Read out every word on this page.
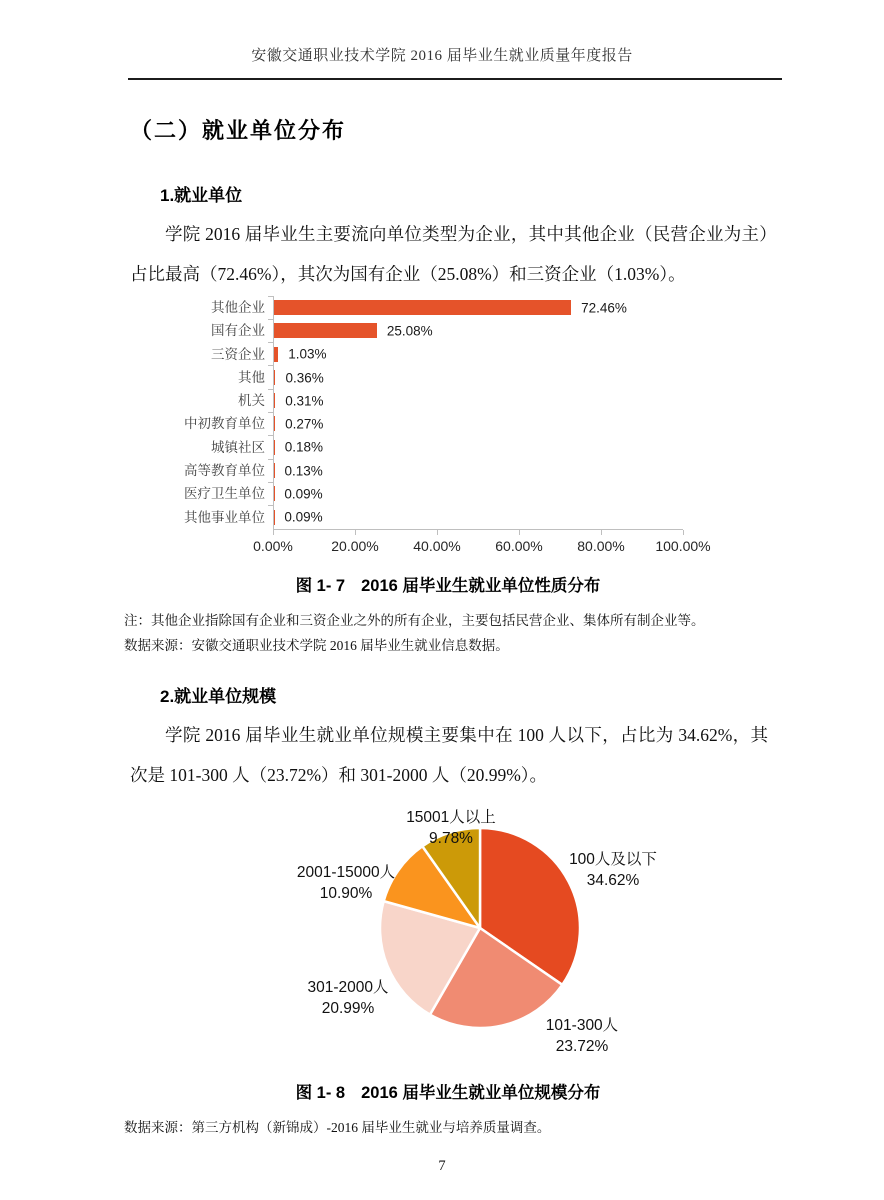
安徽交通职业技术学院 2016 届毕业生就业质量年度报告
（二）就业单位分布
1.就业单位
学院 2016 届毕业生主要流向单位类型为企业，其中其他企业（民营企业为主）占比最高（72.46%），其次为国有企业（25.08%）和三资企业（1.03%）。
其他企业	72.46%
国有企业	25.08%
三资企业	1.03%
其他	0.36%
机关	0.31%
中初教育单位	0.27%
城镇社区	0.18%
高等教育单位	0.13%
医疗卫生单位	0.09%
其他事业单位	0.09%
0.00%	20.00%	40.00%	60.00%	80.00%	100.00%
图 1- 7 2016 届毕业生就业单位性质分布
注：其他企业指除国有企业和三资企业之外的所有企业，主要包括民营企业、集体所有制企业等。
数据来源：安徽交通职业技术学院 2016 届毕业生就业信息数据。
2.就业单位规模
学院 2016 届毕业生就业单位规模主要集中在 100 人以下，占比为 34.62%，其次是 101-300 人（23.72%）和 301-2000 人（20.99%）。
100人及以下
34.62%
101-300人
23.72%
301-2000人
20.99%
2001-15000人
10.90%
15001人以上
9.78%
图 1- 8 2016 届毕业生就业单位规模分布
数据来源：第三方机构（新锦成）-2016 届毕业生就业与培养质量调查。
7
